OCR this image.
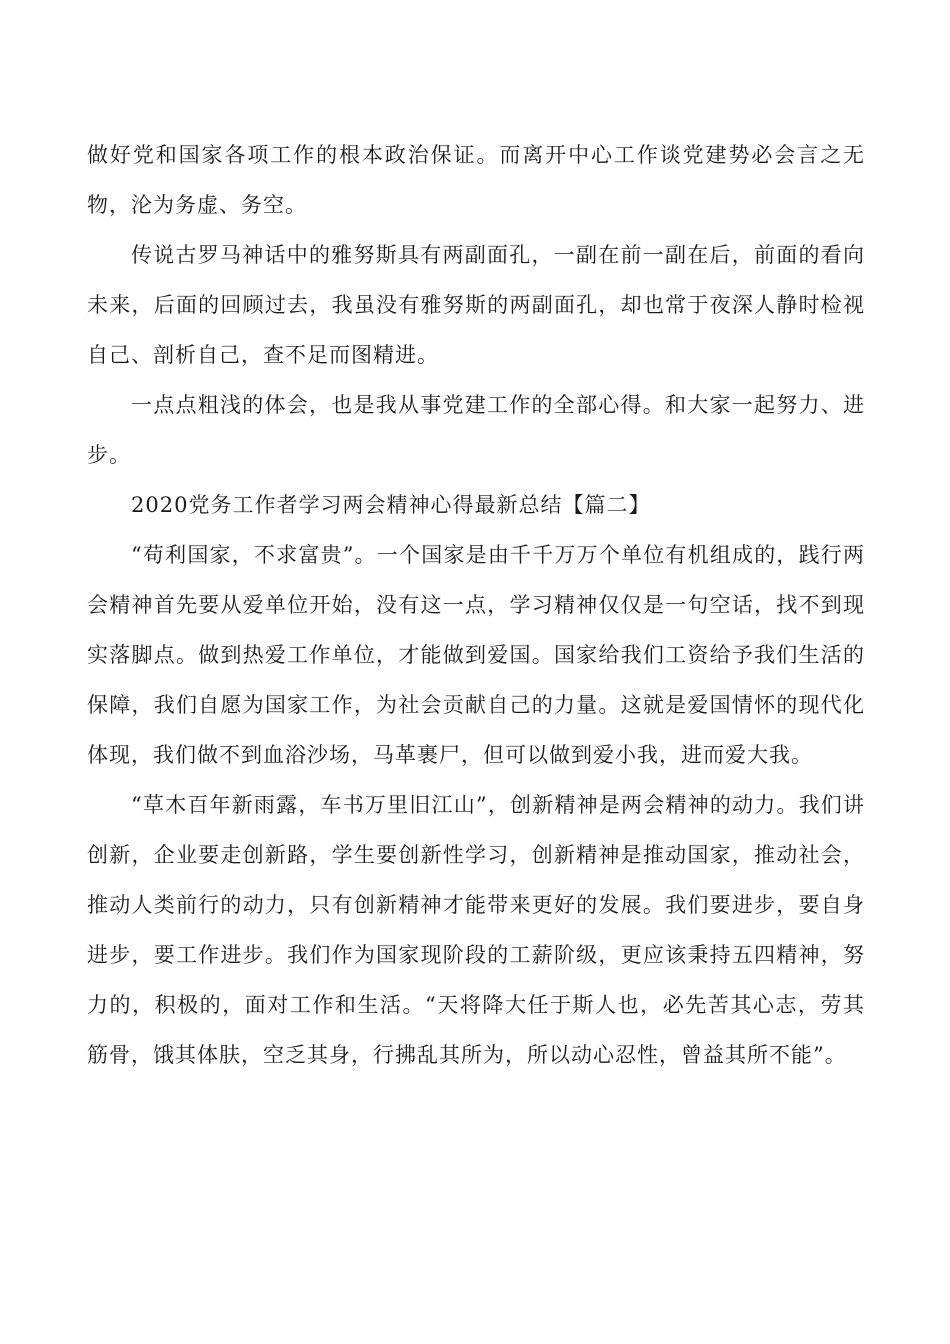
做好党和国家各项工作的根本政治保证。而离开中心工作谈党建势必会言之无物，沦为务虚、务空。

传说古罗马神话中的雅努斯具有两副面孔，一副在前一副在后，前面的看向未来，后面的回顾过去，我虽没有雅努斯的两副面孔，却也常于夜深人静时检视自己、剖析自己，查不足而图精进。

一点点粗浅的体会，也是我从事党建工作的全部心得。和大家一起努力、进步。

2020党务工作者学习两会精神心得最新总结【篇二】

“苟利国家，不求富贵”。一个国家是由千千万万个单位有机组成的，践行两会精神首先要从爱单位开始，没有这一点，学习精神仅仅是一句空话，找不到现实落脚点。做到热爱工作单位，才能做到爱国。国家给我们工资给予我们生活的保障，我们自愿为国家工作，为社会贡献自己的力量。这就是爱国情怀的现代化体现，我们做不到血浴沙场，马革裹尸，但可以做到爱小我，进而爱大我。

“草木百年新雨露，车书万里旧江山”，创新精神是两会精神的动力。我们讲创新，企业要走创新路，学生要创新性学习，创新精神是推动国家，推动社会，推动人类前行的动力，只有创新精神才能带来更好的发展。我们要进步，要自身进步，要工作进步。我们作为国家现阶段的工薪阶级，更应该秉持五四精神，努力的，积极的，面对工作和生活。“天将降大任于斯人也，必先苦其心志，劳其筋骨，饿其体肤，空乏其身，行拂乱其所为，所以动心忍性，曾益其所不能”。
